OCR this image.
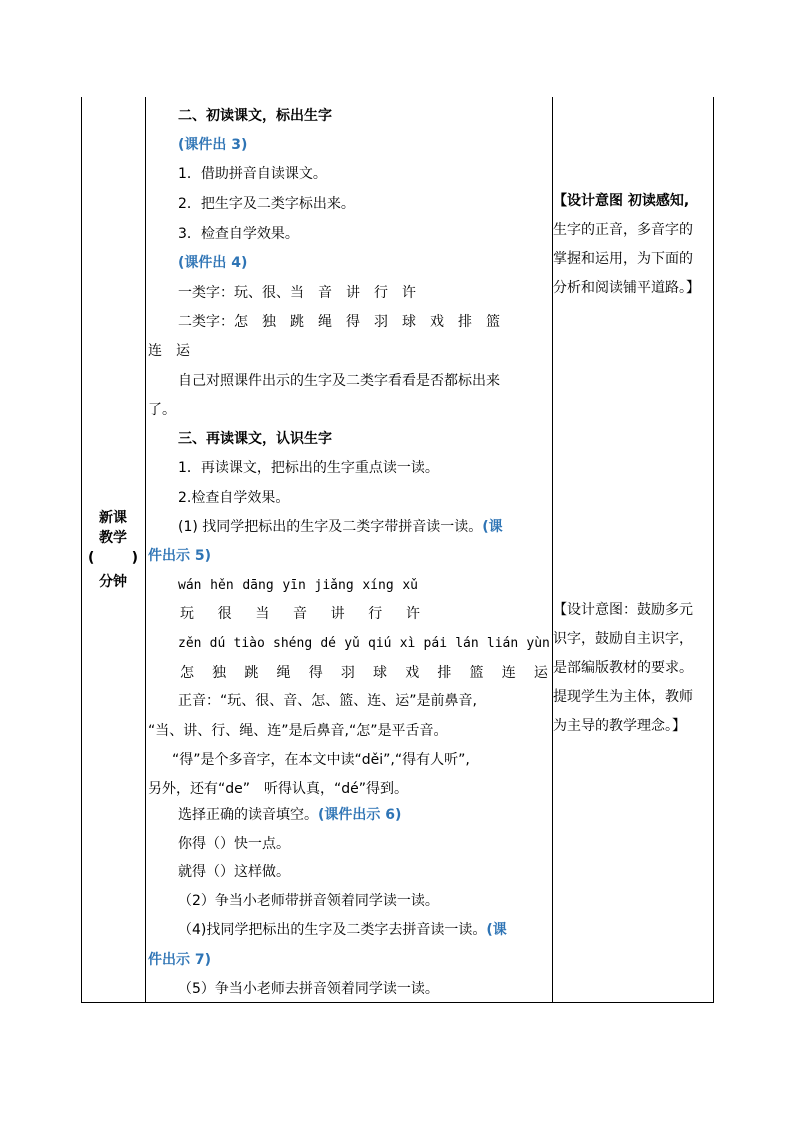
新课
教学
(	)
分钟
二、初读课文，标出生字
(课件出 3)
1．借助拼音自读课文。
2．把生字及二类字标出来。
3．检查自学效果。
(课件出 4)
一类字：玩、很、当　音　讲　行　许
二类字：怎　独　跳　绳　得　羽　球　戏　排　篮
连　运
自己对照课件出示的生字及二类字看看是否都标出来
了。
三、再读课文，认识生字
1．再读课文，把标出的生字重点读一读。
2.检查自学效果。
(1) 找同学把标出的生字及二类字带拼音读一读。(课
件出示 5)
wán hěn dāng yīn jiǎng xíng xǔ
玩 很 当 音 讲 行 许
zěn dú tiào shéng dé yǔ qiú xì pái lán lián yùn
怎 独 跳 绳 得 羽 球 戏 排 篮 连 运
正音：“玩、很、音、怎、篮、连、运”是前鼻音,
“当、讲、行、绳、连”是后鼻音,“怎”是平舌音。
“得”是个多音字，在本文中读“děi”,“得有人听”,
另外，还有“de”　听得认真，“dé”得到。
选择正确的读音填空。(课件出示 6)
你得（）快一点。
就得（）这样做。
（2）争当小老师带拼音领着同学读一读。
（4)找同学把标出的生字及二类字去拼音读一读。(课
件出示 7)
（5）争当小老师去拼音领着同学读一读。
【设计意图 初读感知,
生字的正音，多音字的
掌握和运用，为下面的
分析和阅读铺平道路。】
【设计意图：鼓励多元
识字，鼓励自主识字，
是部编版教材的要求。
提现学生为主体，教师
为主导的教学理念。】
